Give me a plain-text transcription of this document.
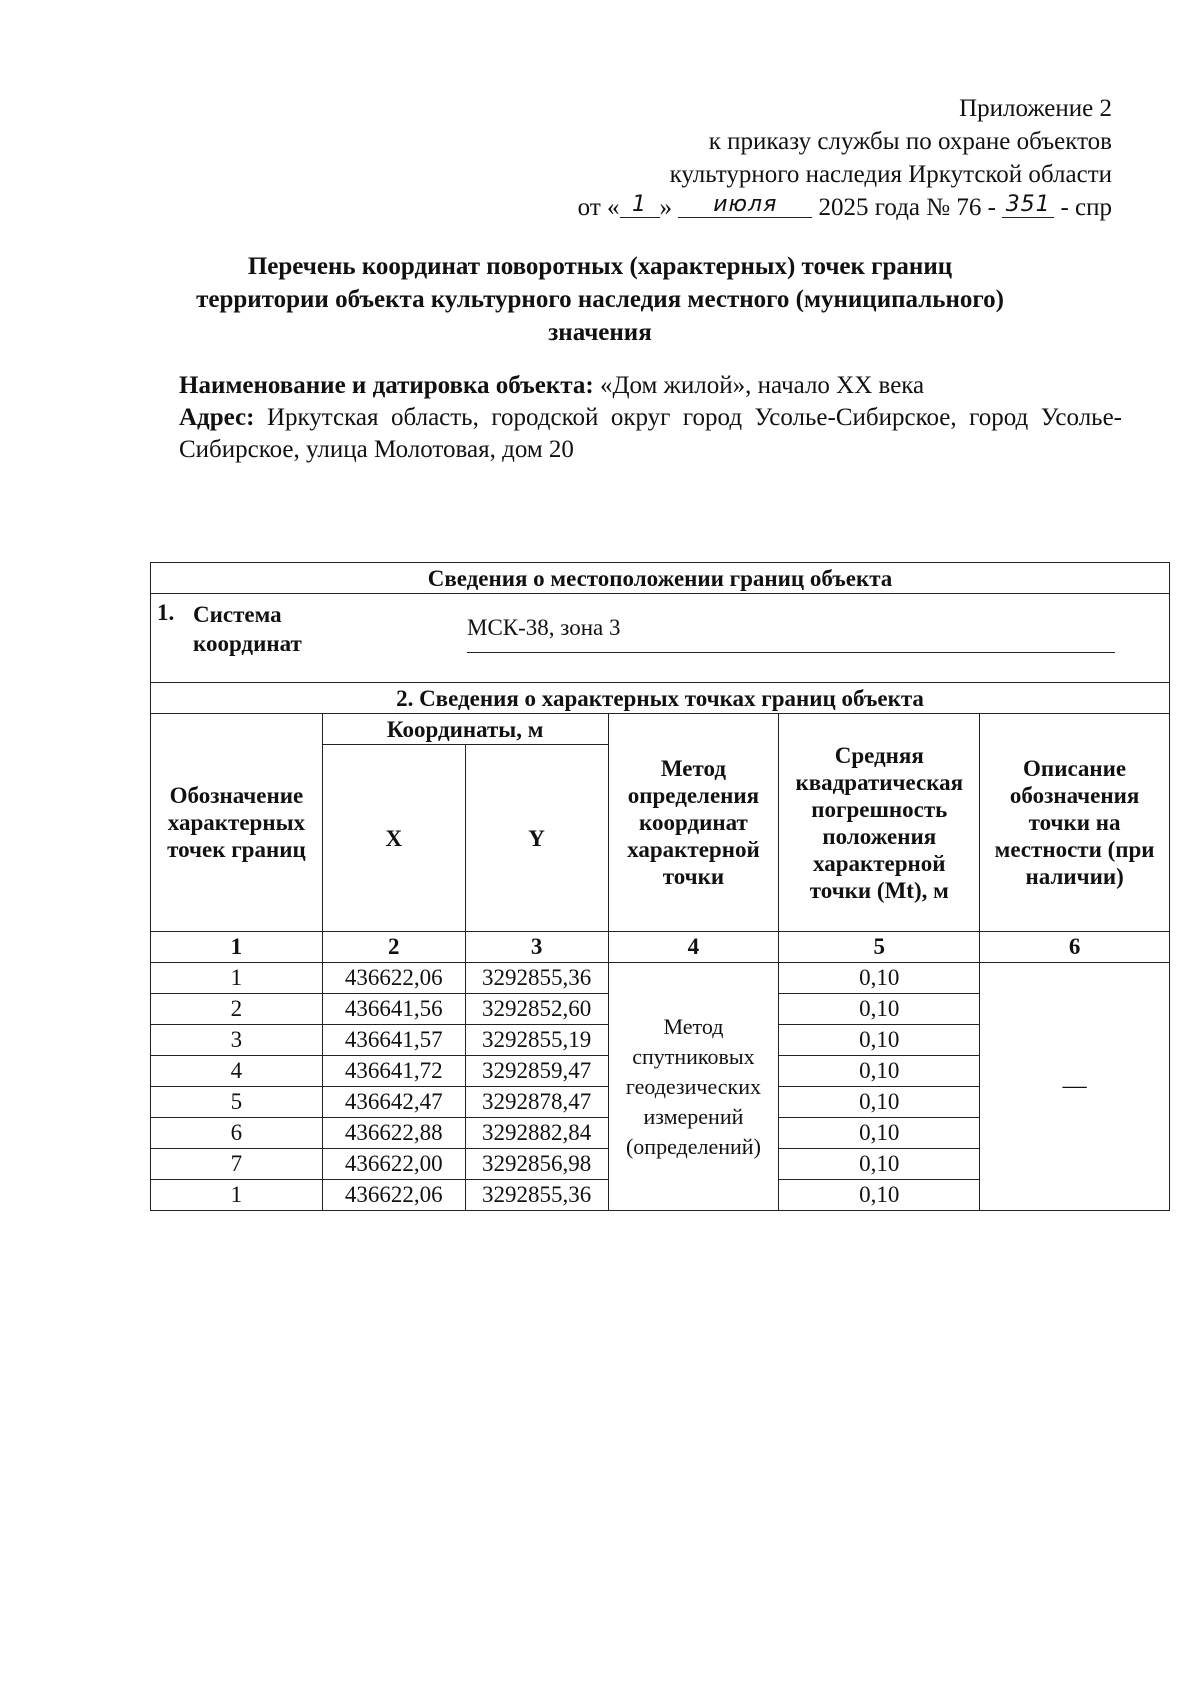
Приложение 2
к приказу службы по охране объектов
культурного наследия Иркутской области
от « 1 » июля 2025 года № 76 - 351 - спр
Перечень координат поворотных (характерных) точек границ
территории объекта культурного наследия местного (муниципального)
значения
Наименование и датировка объекта: «Дом жилой», начало XX века
Адрес: Иркутская область, городской округ город Усолье-Сибирское, город Усолье-Сибирское, улица Молотовая, дом 20
Сведения о местоположении границ объекта					

1. Система
координат
МСК-38, зона 3					

2. Сведения о характерных точках границ объекта					
Обозначение характерных точек границ	Координаты, м		Метод определения координат характерной точки	Средняя квадратическая погрешность положения характерной точки (Mt), м	Описание обозначения точки на местности (при наличии)
	X	Y			
1	2	3	4	5	6
1	436622,06	3292855,36	Метод спутниковых геодезических измерений (определений)	0,10	—
2	436641,56	3292852,60		0,10	
3	436641,57	3292855,19		0,10	
4	436641,72	3292859,47		0,10	
5	436642,47	3292878,47		0,10	
6	436622,88	3292882,84		0,10	
7	436622,00	3292856,98		0,10	
1	436622,06	3292855,36		0,10	
